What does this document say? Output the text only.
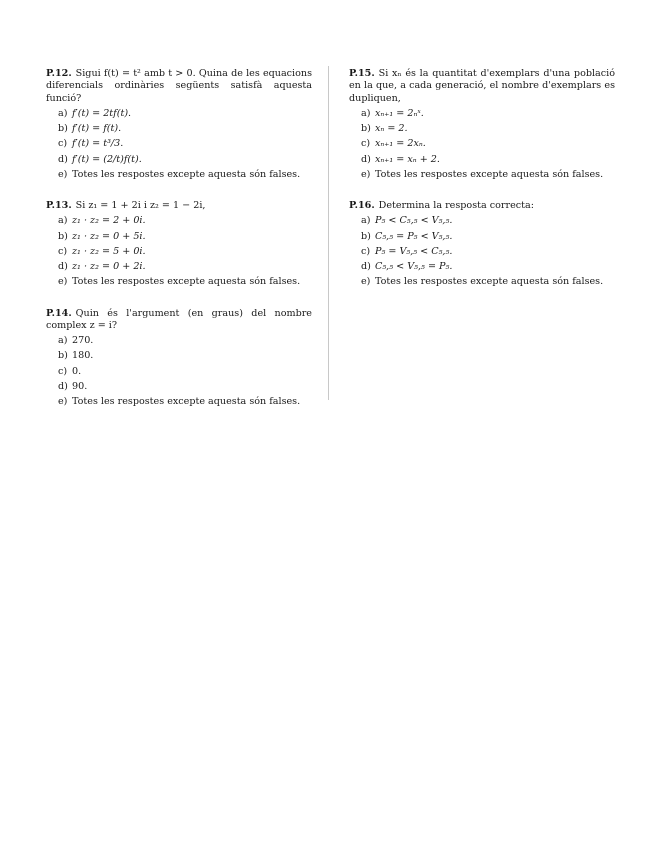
P.12. Sigui f(t) = t² amb t > 0. Quina de les equacions diferencials ordinàries següents satisfà aquesta funció?
a) f′(t) = 2tf(t).
b) f′(t) = f(t).
c) f′(t) = t³/3.
d) f′(t) = (2/t)f(t).
e) Totes les respostes excepte aquesta són falses.
P.13. Si z₁ = 1 + 2i i z₂ = 1 − 2i,
a) z₁ · z₂ = 2 + 0i.
b) z₁ · z₂ = 0 + 5i.
c) z₁ · z₂ = 5 + 0i.
d) z₁ · z₂ = 0 + 2i.
e) Totes les respostes excepte aquesta són falses.
P.14. Quin és l'argument (en graus) del nombre complex z = i?
a) 270.
b) 180.
c) 0.
d) 90.
e) Totes les respostes excepte aquesta són falses.
P.15. Si xₙ és la quantitat d'exemplars d'una població en la que, a cada generació, el nombre d'exemplars es dupliquen,
a) xₙ₊₁ = 2ₙˣ.
b) xₙ = 2.
c) xₙ₊₁ = 2xₙ.
d) xₙ₊₁ = xₙ + 2.
e) Totes les respostes excepte aquesta són falses.
P.16. Determina la resposta correcta:
a) P₅ < C₅,₅ < V₅,₅.
b) C₅,₅ = P₅ < V₅,₅.
c) P₅ = V₅,₅ < C₅,₅.
d) C₅,₅ < V₅,₅ = P₅.
e) Totes les respostes excepte aquesta són falses.
